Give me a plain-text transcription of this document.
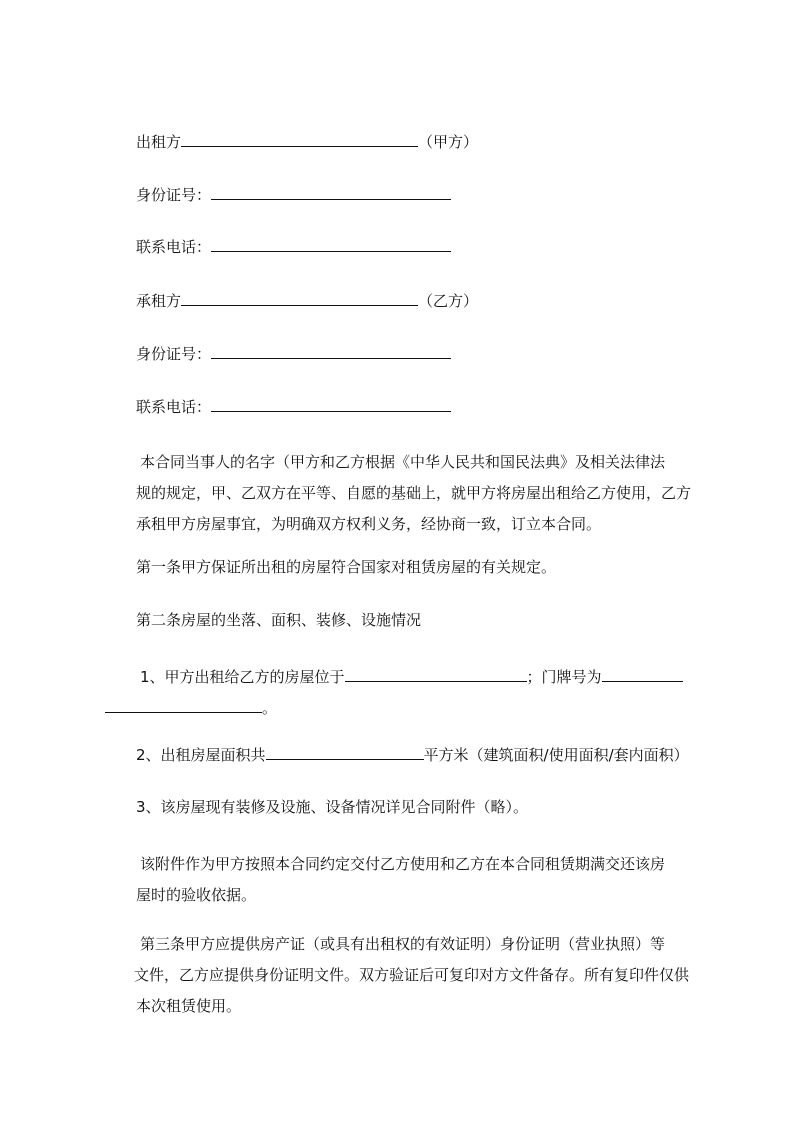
出租方	（甲方）
身份证号：
联系电话：
承租方	（乙方）
身份证号：
联系电话：
本合同当事人的名字（甲方和乙方根据《中华人民共和国民法典》及相关法律法
规的规定，甲、乙双方在平等、自愿的基础上，就甲方将房屋出租给乙方使用，乙方
承租甲方房屋事宜，为明确双方权利义务，经协商一致，订立本合同。
第一条甲方保证所出租的房屋符合国家对租赁房屋的有关规定。
第二条房屋的坐落、面积、装修、设施情况
1、甲方出租给乙方的房屋位于	；门牌号为
。
2、出租房屋面积共	平方米（建筑面积/使用面积/套内面积）
3、该房屋现有装修及设施、设备情况详见合同附件（略）。
该附件作为甲方按照本合同约定交付乙方使用和乙方在本合同租赁期满交还该房
屋时的验收依据。
第三条甲方应提供房产证（或具有出租权的有效证明）身份证明（营业执照）等
文件，乙方应提供身份证明文件。双方验证后可复印对方文件备存。所有复印件仅供
本次租赁使用。
